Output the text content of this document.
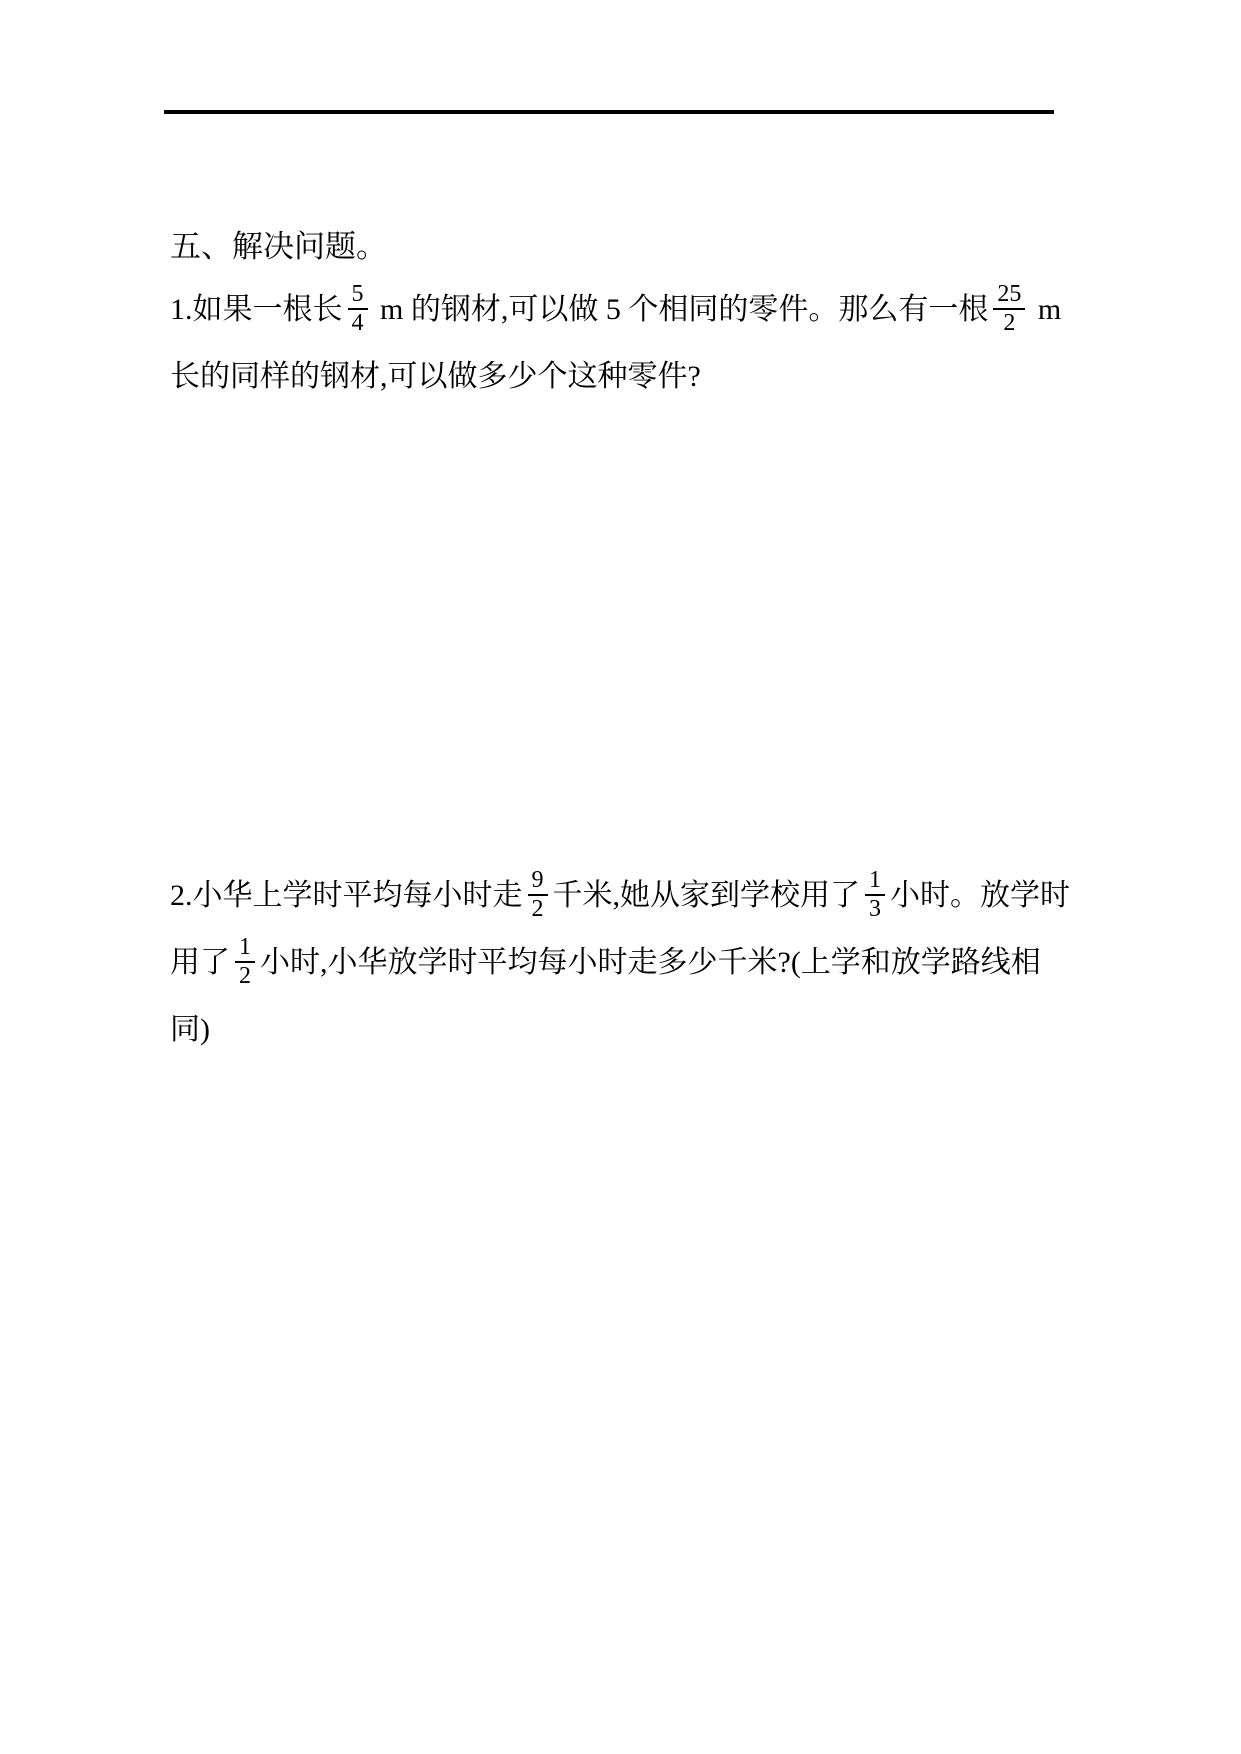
五、解决问题。
1.如果一根长 $\frac{5}{4}$ m 的钢材,可以做 5 个相同的零件。那么有一根 $\frac{25}{2}$ m
长的同样的钢材,可以做多少个这种零件?
2.小华上学时平均每小时走 $\frac{9}{2}$ 千米,她从家到学校用了 $\frac{1}{3}$ 小时。放学时
用了 $\frac{1}{2}$ 小时,小华放学时平均每小时走多少千米?(上学和放学路线相
同)
